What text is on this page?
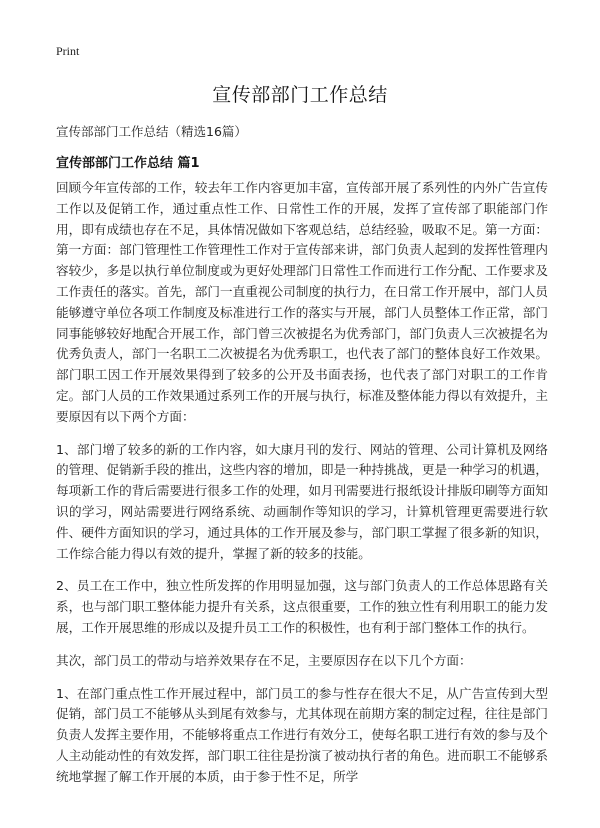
Print
宣传部部门工作总结
宣传部部门工作总结（精选16篇）
宣传部部门工作总结 篇1

回顾今年宣传部的工作，较去年工作内容更加丰富，宣传部开展了系列性的内外广告宣传工作以及促销工作，通过重点性工作、日常性工作的开展，发挥了宣传部了职能部门作用，即有成绩也存在不足，具体情况做如下客观总结，总结经验，吸取不足。第一方面：第一方面：部门管理性工作管理性工作对于宣传部来讲，部门负责人起到的发挥性管理内容较少，多是以执行单位制度或为更好处理部门日常性工作而进行工作分配、工作要求及工作责任的落实。首先，部门一直重视公司制度的执行力，在日常工作开展中，部门人员能够遵守单位各项工作制度及标准进行工作的落实与开展，部门人员整体工作正常，部门同事能够较好地配合开展工作，部门曾三次被提名为优秀部门，部门负责人三次被提名为优秀负责人，部门一名职工二次被提名为优秀职工，也代表了部门的整体良好工作效果。部门职工因工作开展效果得到了较多的公开及书面表扬，也代表了部门对职工的工作肯定。部门人员的工作效果通过系列工作的开展与执行，标准及整体能力得以有效提升，主要原因有以下两个方面：

1、部门增了较多的新的工作内容，如大康月刊的发行、网站的管理、公司计算机及网络的管理、促销新手段的推出，这些内容的增加，即是一种持挑战，更是一种学习的机遇，每项新工作的背后需要进行很多工作的处理，如月刊需要进行报纸设计排版印刷等方面知识的学习，网站需要进行网络系统、动画制作等知识的学习，计算机管理更需要进行软件、硬件方面知识的学习，通过具体的工作开展及参与，部门职工掌握了很多新的知识，工作综合能力得以有效的提升，掌握了新的较多的技能。

2、员工在工作中，独立性所发挥的作用明显加强，这与部门负责人的工作总体思路有关系，也与部门职工整体能力提升有关系，这点很重要，工作的独立性有利用职工的能力发展，工作开展思维的形成以及提升员工工作的积极性，也有利于部门整体工作的执行。

其次，部门员工的带动与培养效果存在不足，主要原因存在以下几个方面：

1、在部门重点性工作开展过程中，部门员工的参与性存在很大不足，从广告宣传到大型促销，部门员工不能够从头到尾有效参与，尤其体现在前期方案的制定过程，往往是部门负责人发挥主要作用，不能够将重点工作进行有效分工，使每名职工进行有效的参与及个人主动能动性的有效发挥，部门职工往往是扮演了被动执行者的角色。进而职工不能够系统地掌握了解工作开展的本质，由于参于性不足，所学
